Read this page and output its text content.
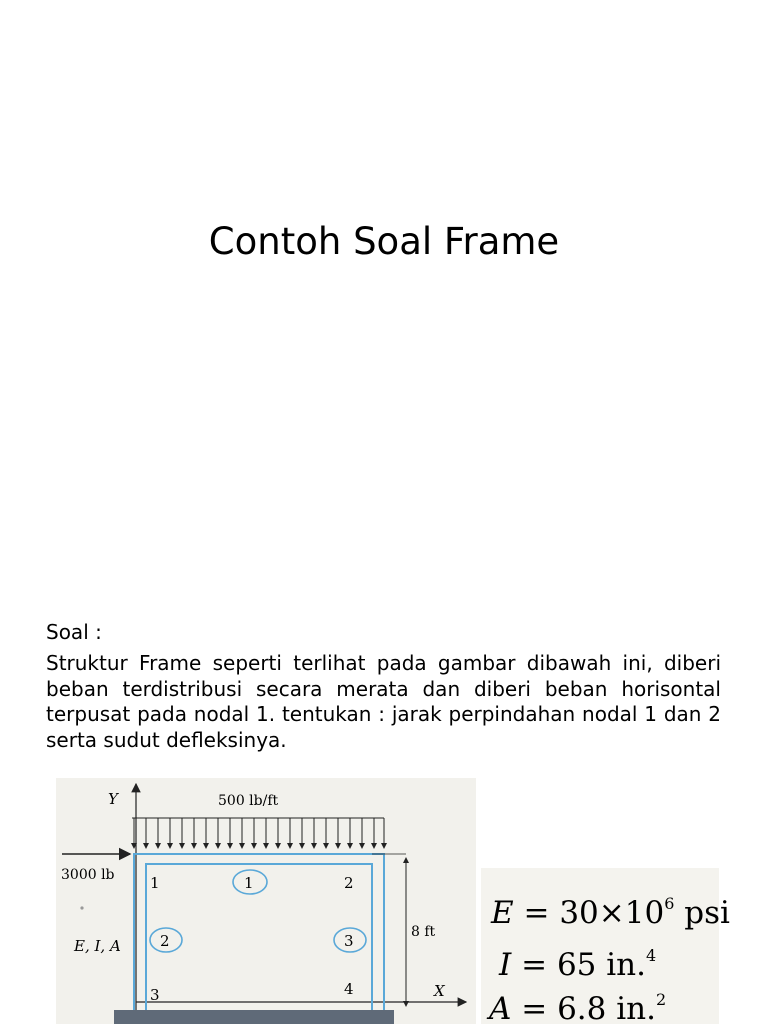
Contoh Soal Frame
Soal :
Struktur Frame seperti terlihat pada gambar dibawah ini, diberi beban terdistribusi secara merata dan diberi beban horisontal terpusat pada nodal 1. tentukan : jarak perpindahan nodal 1 dan 2 serta sudut defleksinya.
Y
X
500 lb/ft
3000 lb
E, I, A
1	2
3	4
1
2	3	8 ft
$E = 30\times 10^6$ psi
I = 65 in.$^4$
A = 6.8 in.$^2$
